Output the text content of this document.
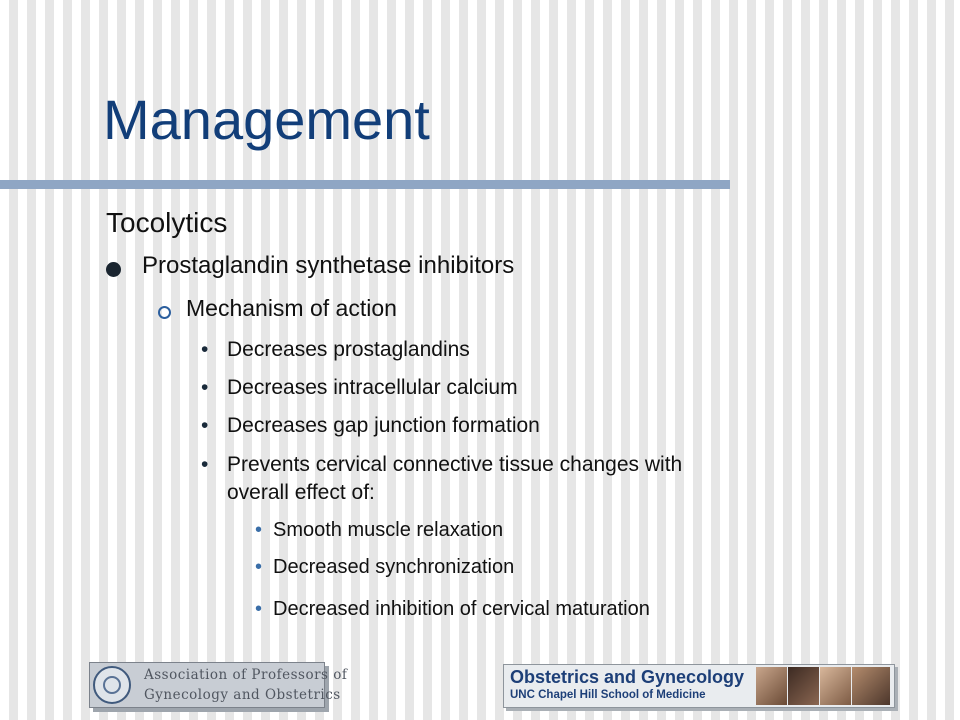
Management
Tocolytics
Prostaglandin synthetase inhibitors
Mechanism of action
• Decreases prostaglandins
• Decreases intracellular calcium
• Decreases gap junction formation
• Prevents cervical connective tissue changes with
overall effect of:
• Smooth muscle relaxation
• Decreased synchronization
• Decreased inhibition of cervical maturation
Association of Professors of
Gynecology and Obstetrics
Obstetrics and Gynecology
UNC Chapel Hill School of Medicine
